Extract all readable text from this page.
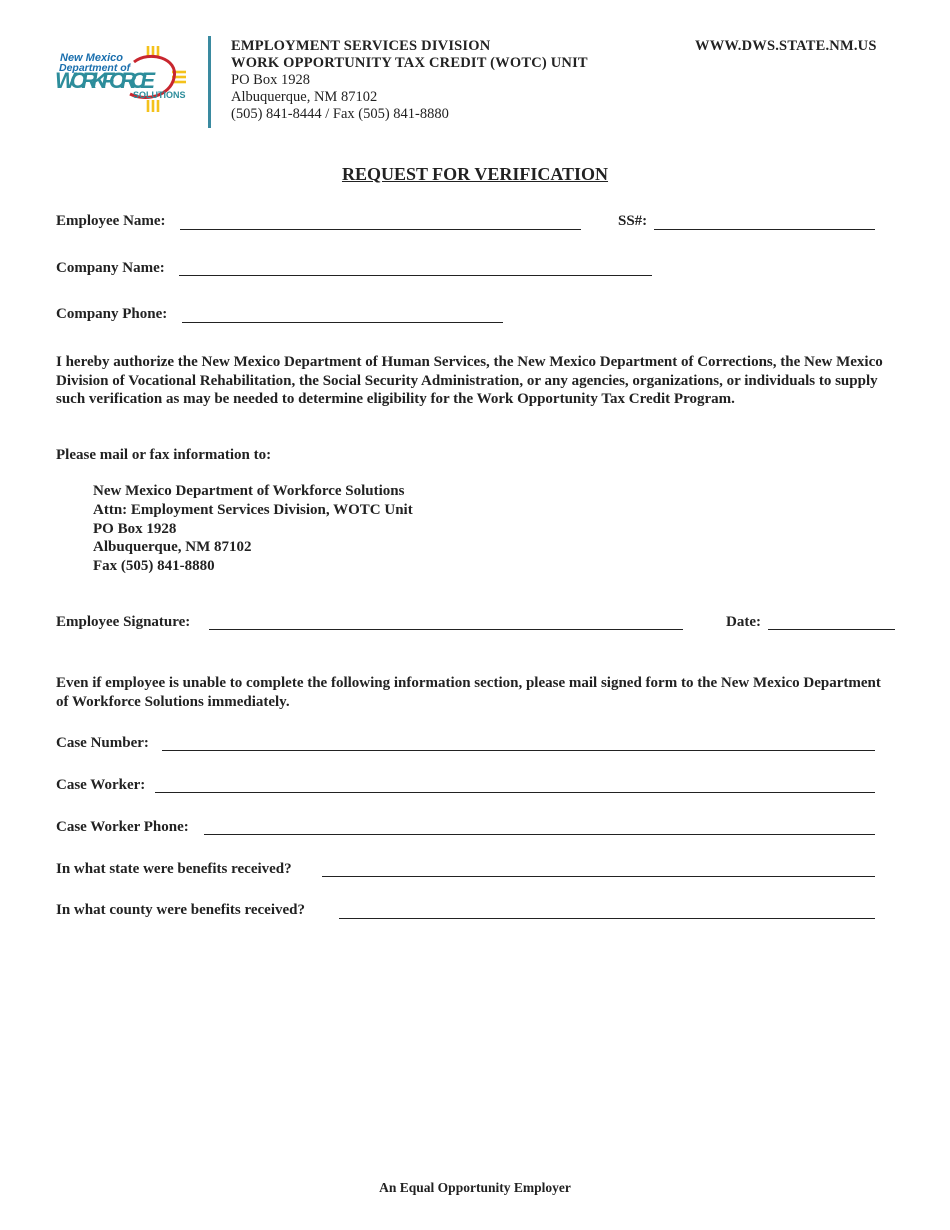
New Mexico
Department of
WORKFORCE
SOLUTIONS
EMPLOYMENT SERVICES DIVISION
WORK OPPORTUNITY TAX CREDIT (WOTC) UNIT
PO Box 1928
Albuquerque, NM 87102
(505) 841-8444 / Fax (505) 841-8880
WWW.DWS.STATE.NM.US
REQUEST FOR VERIFICATION
Employee Name:	SS#:
Company Name:
Company Phone:
I hereby authorize the New Mexico Department of Human Services, the New Mexico Department of Corrections, the New Mexico Division of Vocational Rehabilitation, the Social Security Administration, or any agencies, organizations, or individuals to supply such verification as may be needed to determine eligibility for the Work Opportunity Tax Credit Program.
Please mail or fax information to:
New Mexico Department of Workforce Solutions
Attn: Employment Services Division, WOTC Unit
PO Box 1928
Albuquerque, NM 87102
Fax (505) 841-8880
Employee Signature:	Date:
Even if employee is unable to complete the following information section, please mail signed form to the New Mexico Department of Workforce Solutions immediately.
Case Number:
Case Worker:
Case Worker Phone:
In what state were benefits received?
In what county were benefits received?
An Equal Opportunity Employer
